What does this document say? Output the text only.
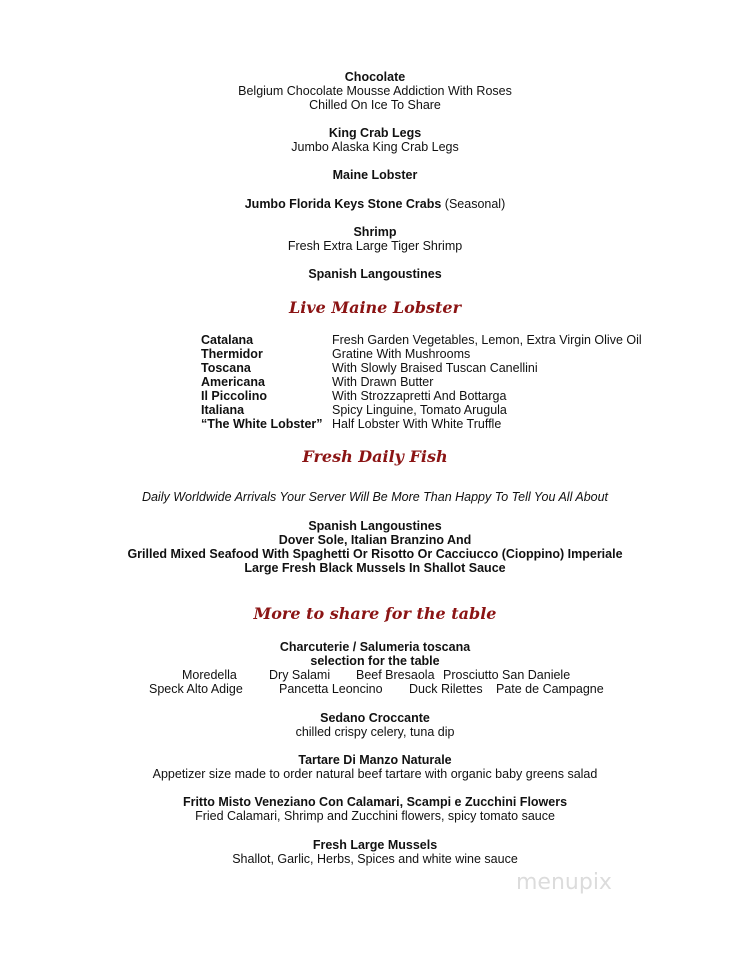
Chocolate
Belgium Chocolate Mousse Addiction With Roses
Chilled On Ice To Share
King Crab Legs
Jumbo Alaska King Crab Legs
Maine Lobster
Jumbo Florida Keys Stone Crabs (Seasonal)
Shrimp
Fresh Extra Large Tiger Shrimp
Spanish Langoustines
Live Maine Lobster
Catalana	Fresh Garden Vegetables, Lemon, Extra Virgin Olive Oil
Thermidor	Gratine With Mushrooms
Toscana	With Slowly Braised Tuscan Canellini
Americana	With Drawn Butter
Il Piccolino	With Strozzapretti And Bottarga
Italiana	Spicy Linguine, Tomato Arugula
“The White Lobster” Half Lobster With White Truffle
Fresh Daily Fish
Daily Worldwide Arrivals Your Server Will Be More Than Happy To Tell You All About
Spanish Langoustines
Dover Sole, Italian Branzino And
Grilled Mixed Seafood With Spaghetti Or Risotto Or Cacciucco (Cioppino) Imperiale
Large Fresh Black Mussels In Shallot Sauce
More to share for the table
Charcuterie / Salumeria toscana
selection for the table
Moredella	Dry Salami Beef Bresaola Prosciutto San Daniele
Speck Alto Adige	Pancetta Leoncino Duck Rilettes Pate de Campagne
Sedano Croccante
chilled crispy celery, tuna dip
Tartare Di Manzo Naturale
Appetizer size made to order natural beef tartare with organic baby greens salad
Fritto Misto Veneziano Con Calamari, Scampi e Zucchini Flowers
Fried Calamari, Shrimp and Zucchini flowers, spicy tomato sauce
Fresh Large Mussels
Shallot, Garlic, Herbs, Spices and white wine sauce
menupix
